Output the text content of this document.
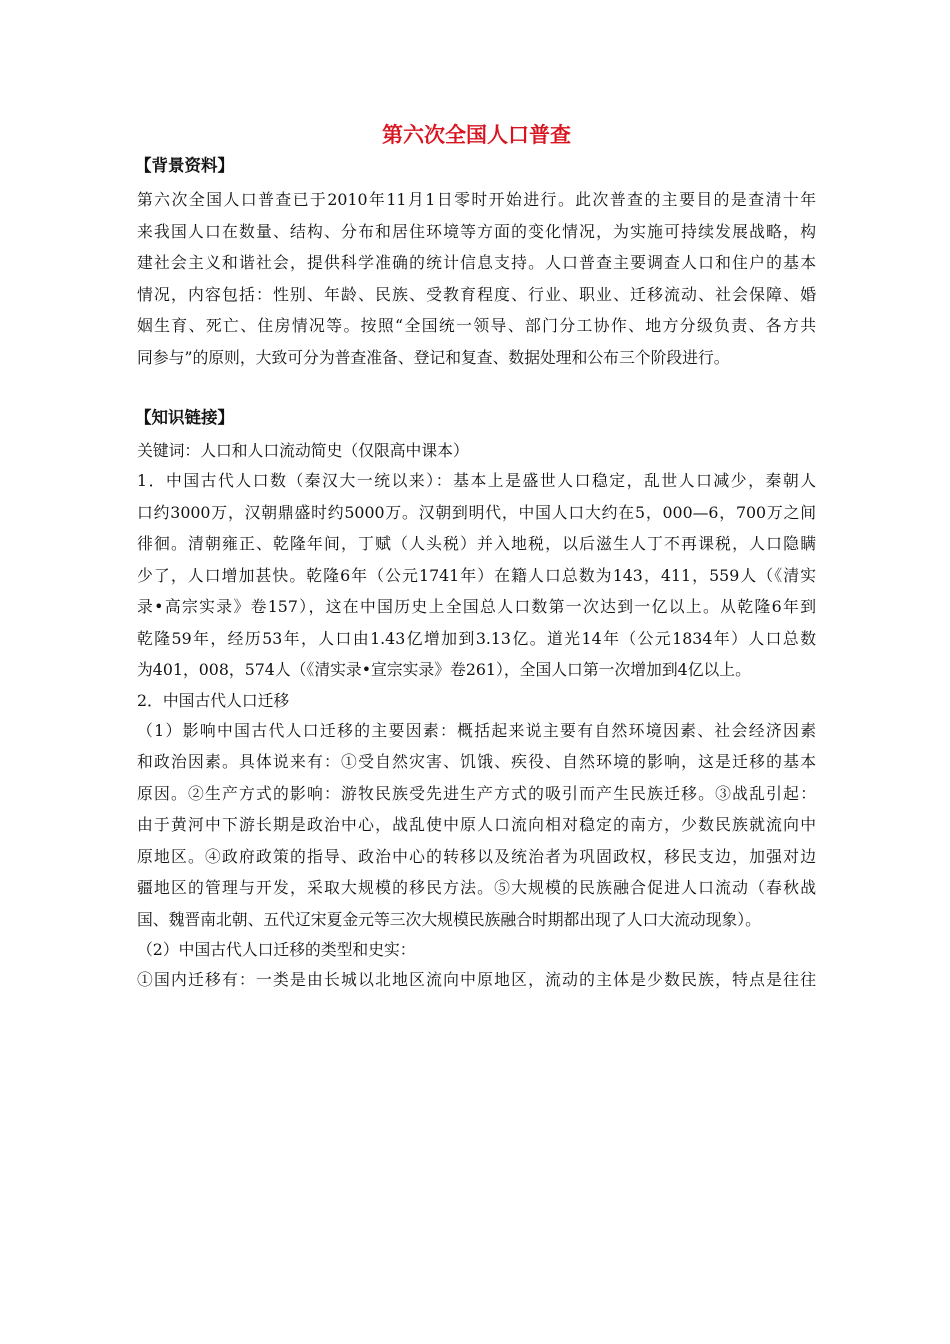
第六次全国人口普查
【背景资料】
第六次全国人口普查已于2010年11月1日零时开始进行。此次普查的主要目的是查清十年
来我国人口在数量、结构、分布和居住环境等方面的变化情况，为实施可持续发展战略，构
建社会主义和谐社会，提供科学准确的统计信息支持。人口普查主要调查人口和住户的基本
情况，内容包括：性别、年龄、民族、受教育程度、行业、职业、迁移流动、社会保障、婚
姻生育、死亡、住房情况等。按照“全国统一领导、部门分工协作、地方分级负责、各方共
同参与”的原则，大致可分为普查准备、登记和复查、数据处理和公布三个阶段进行。
【知识链接】
关键词：人口和人口流动简史（仅限高中课本）
1．中国古代人口数（秦汉大一统以来）：基本上是盛世人口稳定，乱世人口减少，秦朝人
口约3000万，汉朝鼎盛时约5000万。汉朝到明代，中国人口大约在5，000—6，700万之间
徘徊。清朝雍正、乾隆年间，丁赋（人头税）并入地税，以后滋生人丁不再课税，人口隐瞒
少了，人口增加甚快。乾隆6年（公元1741年）在籍人口总数为143，411，559人（《清实
录•高宗实录》卷157），这在中国历史上全国总人口数第一次达到一亿以上。从乾隆6年到
乾隆59年，经历53年，人口由1.43亿增加到3.13亿。道光14年（公元1834年）人口总数
为401，008，574人（《清实录•宣宗实录》卷261），全国人口第一次增加到4亿以上。
2．中国古代人口迁移
（1）影响中国古代人口迁移的主要因素：概括起来说主要有自然环境因素、社会经济因素
和政治因素。具体说来有：①受自然灾害、饥饿、疾役、自然环境的影响，这是迁移的基本
原因。②生产方式的影响：游牧民族受先进生产方式的吸引而产生民族迁移。③战乱引起：
由于黄河中下游长期是政治中心，战乱使中原人口流向相对稳定的南方，少数民族就流向中
原地区。④政府政策的指导、政治中心的转移以及统治者为巩固政权，移民支边，加强对边
疆地区的管理与开发，采取大规模的移民方法。⑤大规模的民族融合促进人口流动（春秋战
国、魏晋南北朝、五代辽宋夏金元等三次大规模民族融合时期都出现了人口大流动现象）。
（2）中国古代人口迁移的类型和史实：
①国内迁移有：一类是由长城以北地区流向中原地区，流动的主体是少数民族，特点是往往
